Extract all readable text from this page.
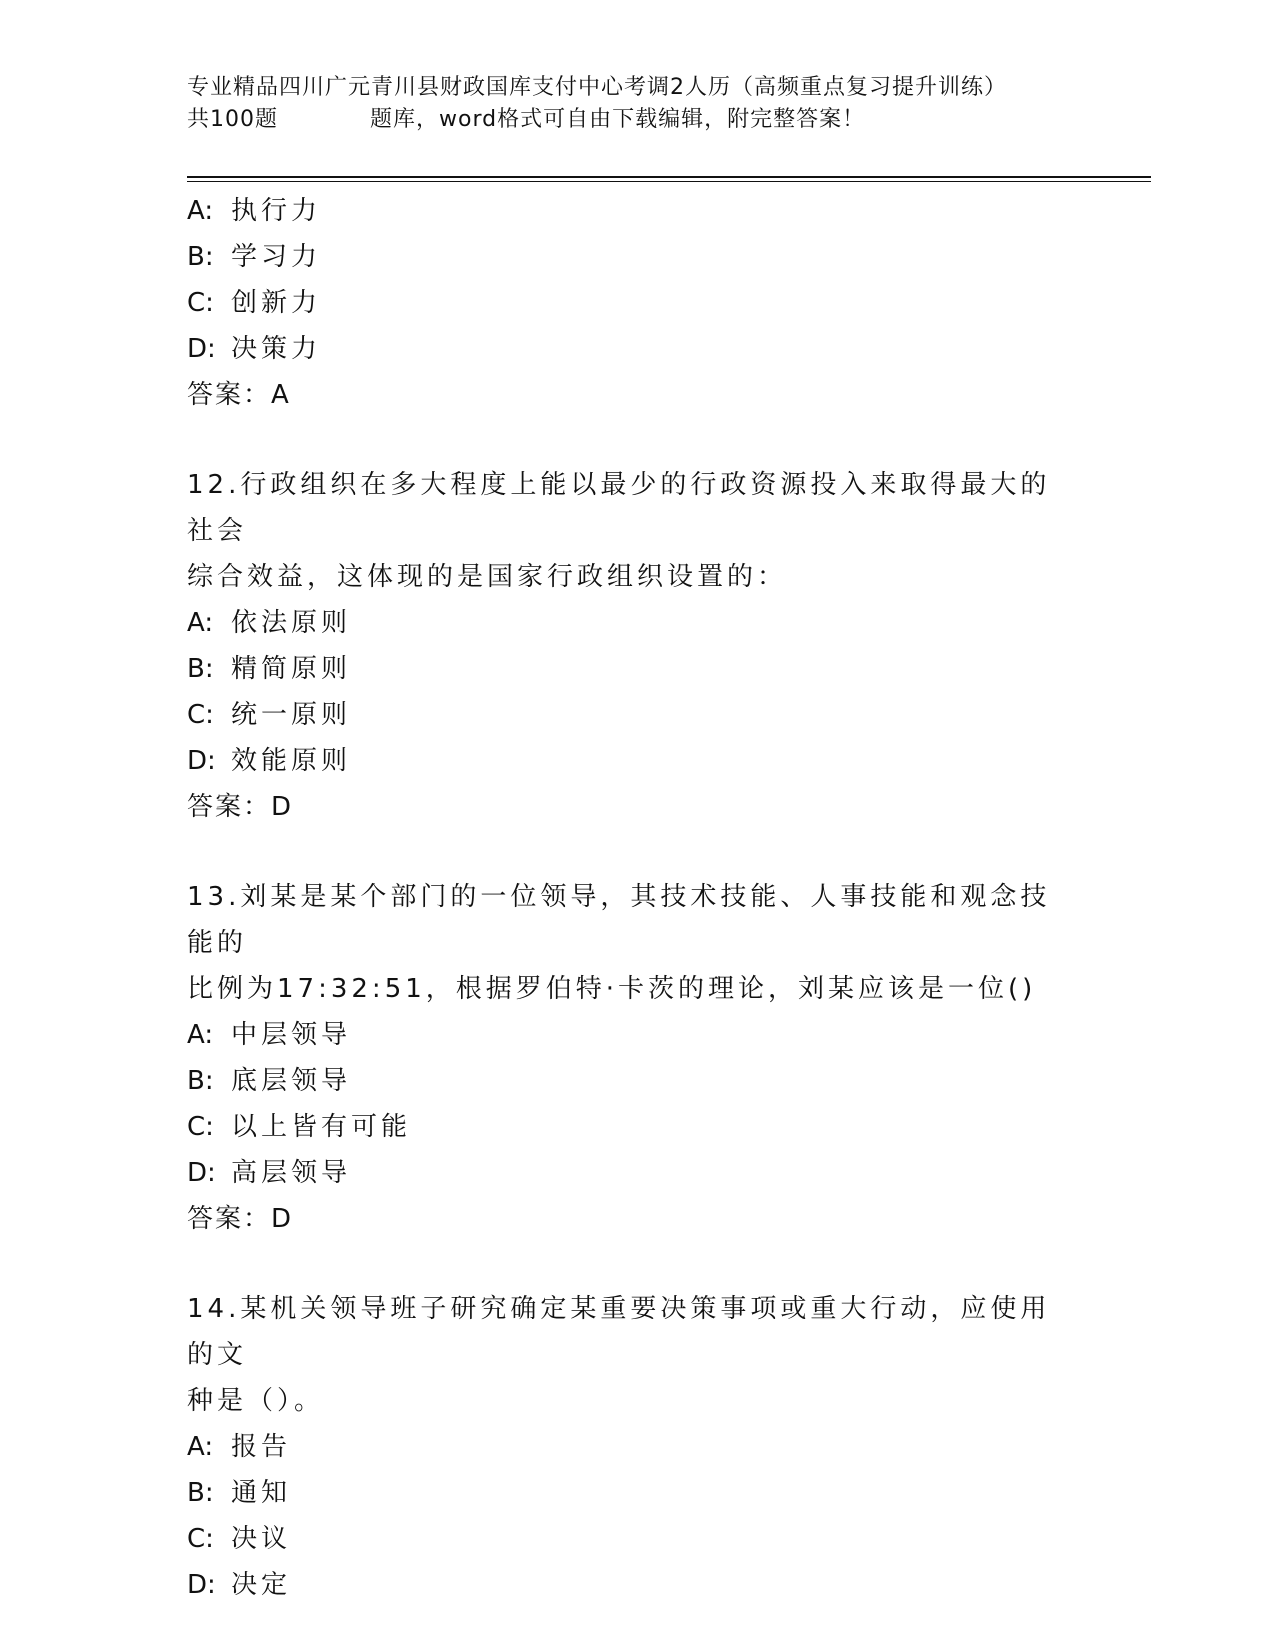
专业精品四川广元青川县财政国库支付中心考调2人历（高频重点复习提升训练）
共100题	题库，word格式可自由下载编辑，附完整答案！
A: 执行力
B: 学习力
C: 创新力
D: 决策力
答案：A
12.行政组织在多大程度上能以最少的行政资源投入来取得最大的社会
综合效益，这体现的是国家行政组织设置的：
A: 依法原则
B: 精简原则
C: 统一原则
D: 效能原则
答案：D
13.刘某是某个部门的一位领导，其技术技能、人事技能和观念技能的
比例为17:32:51，根据罗伯特·卡茨的理论，刘某应该是一位()
A: 中层领导
B: 底层领导
C: 以上皆有可能
D: 高层领导
答案：D
14.某机关领导班子研究确定某重要决策事项或重大行动，应使用的文
种是（）。
A: 报告
B: 通知
C: 决议
D: 决定
